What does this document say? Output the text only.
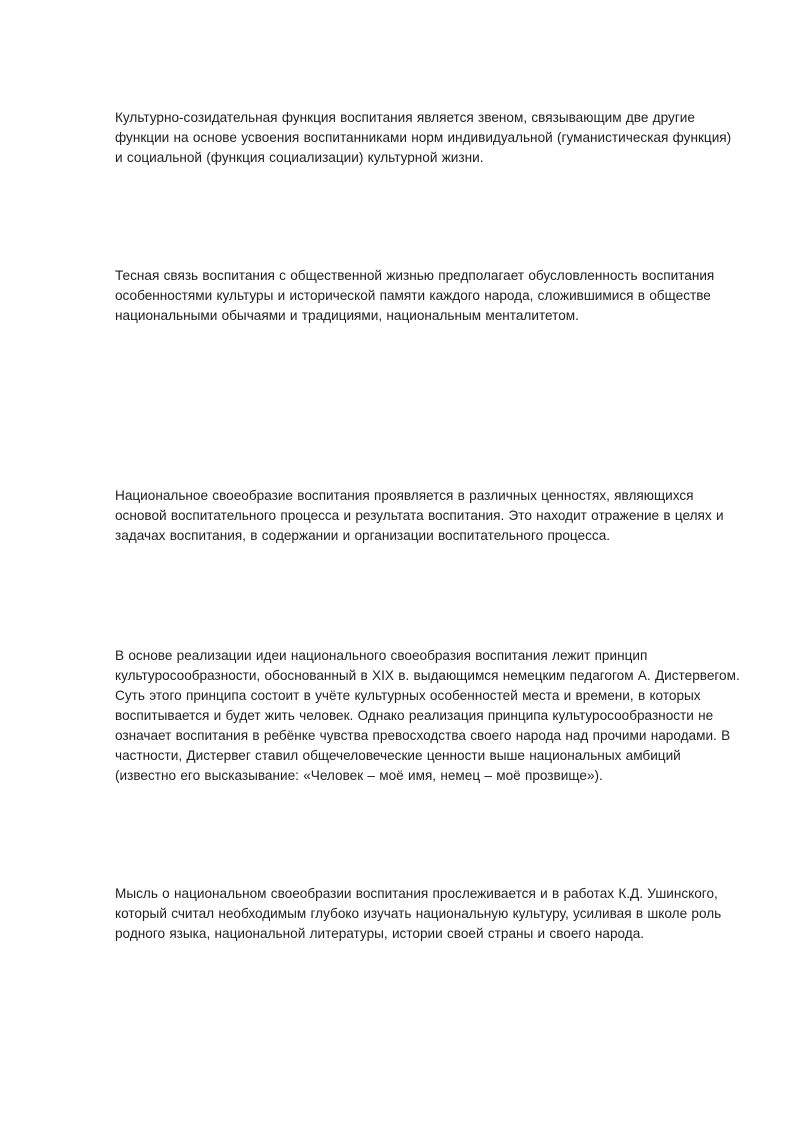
Культурно-созидательная функция воспитания является звеном, связывающим две другие функции на основе усвоения воспитанниками норм индивидуальной (гуманистическая функция) и социальной (функция социализации) культурной жизни.

Тесная связь воспитания с общественной жизнью предполагает обусловленность воспитания особенностями культуры и исторической памяти каждого народа, сложившимися в обществе национальными обычаями и традициями, национальным менталитетом.

Национальное своеобразие воспитания проявляется в различных ценностях, являющихся основой воспитательного процесса и результата воспитания. Это находит отражение в целях и задачах воспитания, в содержании и организации воспитательного процесса.

В основе реализации идеи национального своеобразия воспитания лежит принцип культуросообразности, обоснованный в XIX в. выдающимся немецким педагогом А. Дистервегом. Суть этого принципа состоит в учёте культурных особенностей места и времени, в которых воспитывается и будет жить человек. Однако реализация принципа культуросообразности не означает воспитания в ребёнке чувства превосходства своего народа над прочими народами. В частности, Дистервег ставил общечеловеческие ценности выше национальных амбиций (известно его высказывание: «Человек – моё имя, немец – моё прозвище»).

Мысль о национальном своеобразии воспитания прослеживается и в работах К.Д. Ушинского, который считал необходимым глубоко изучать национальную культуру, усиливая в школе роль родного языка, национальной литературы, истории своей страны и своего народа.
